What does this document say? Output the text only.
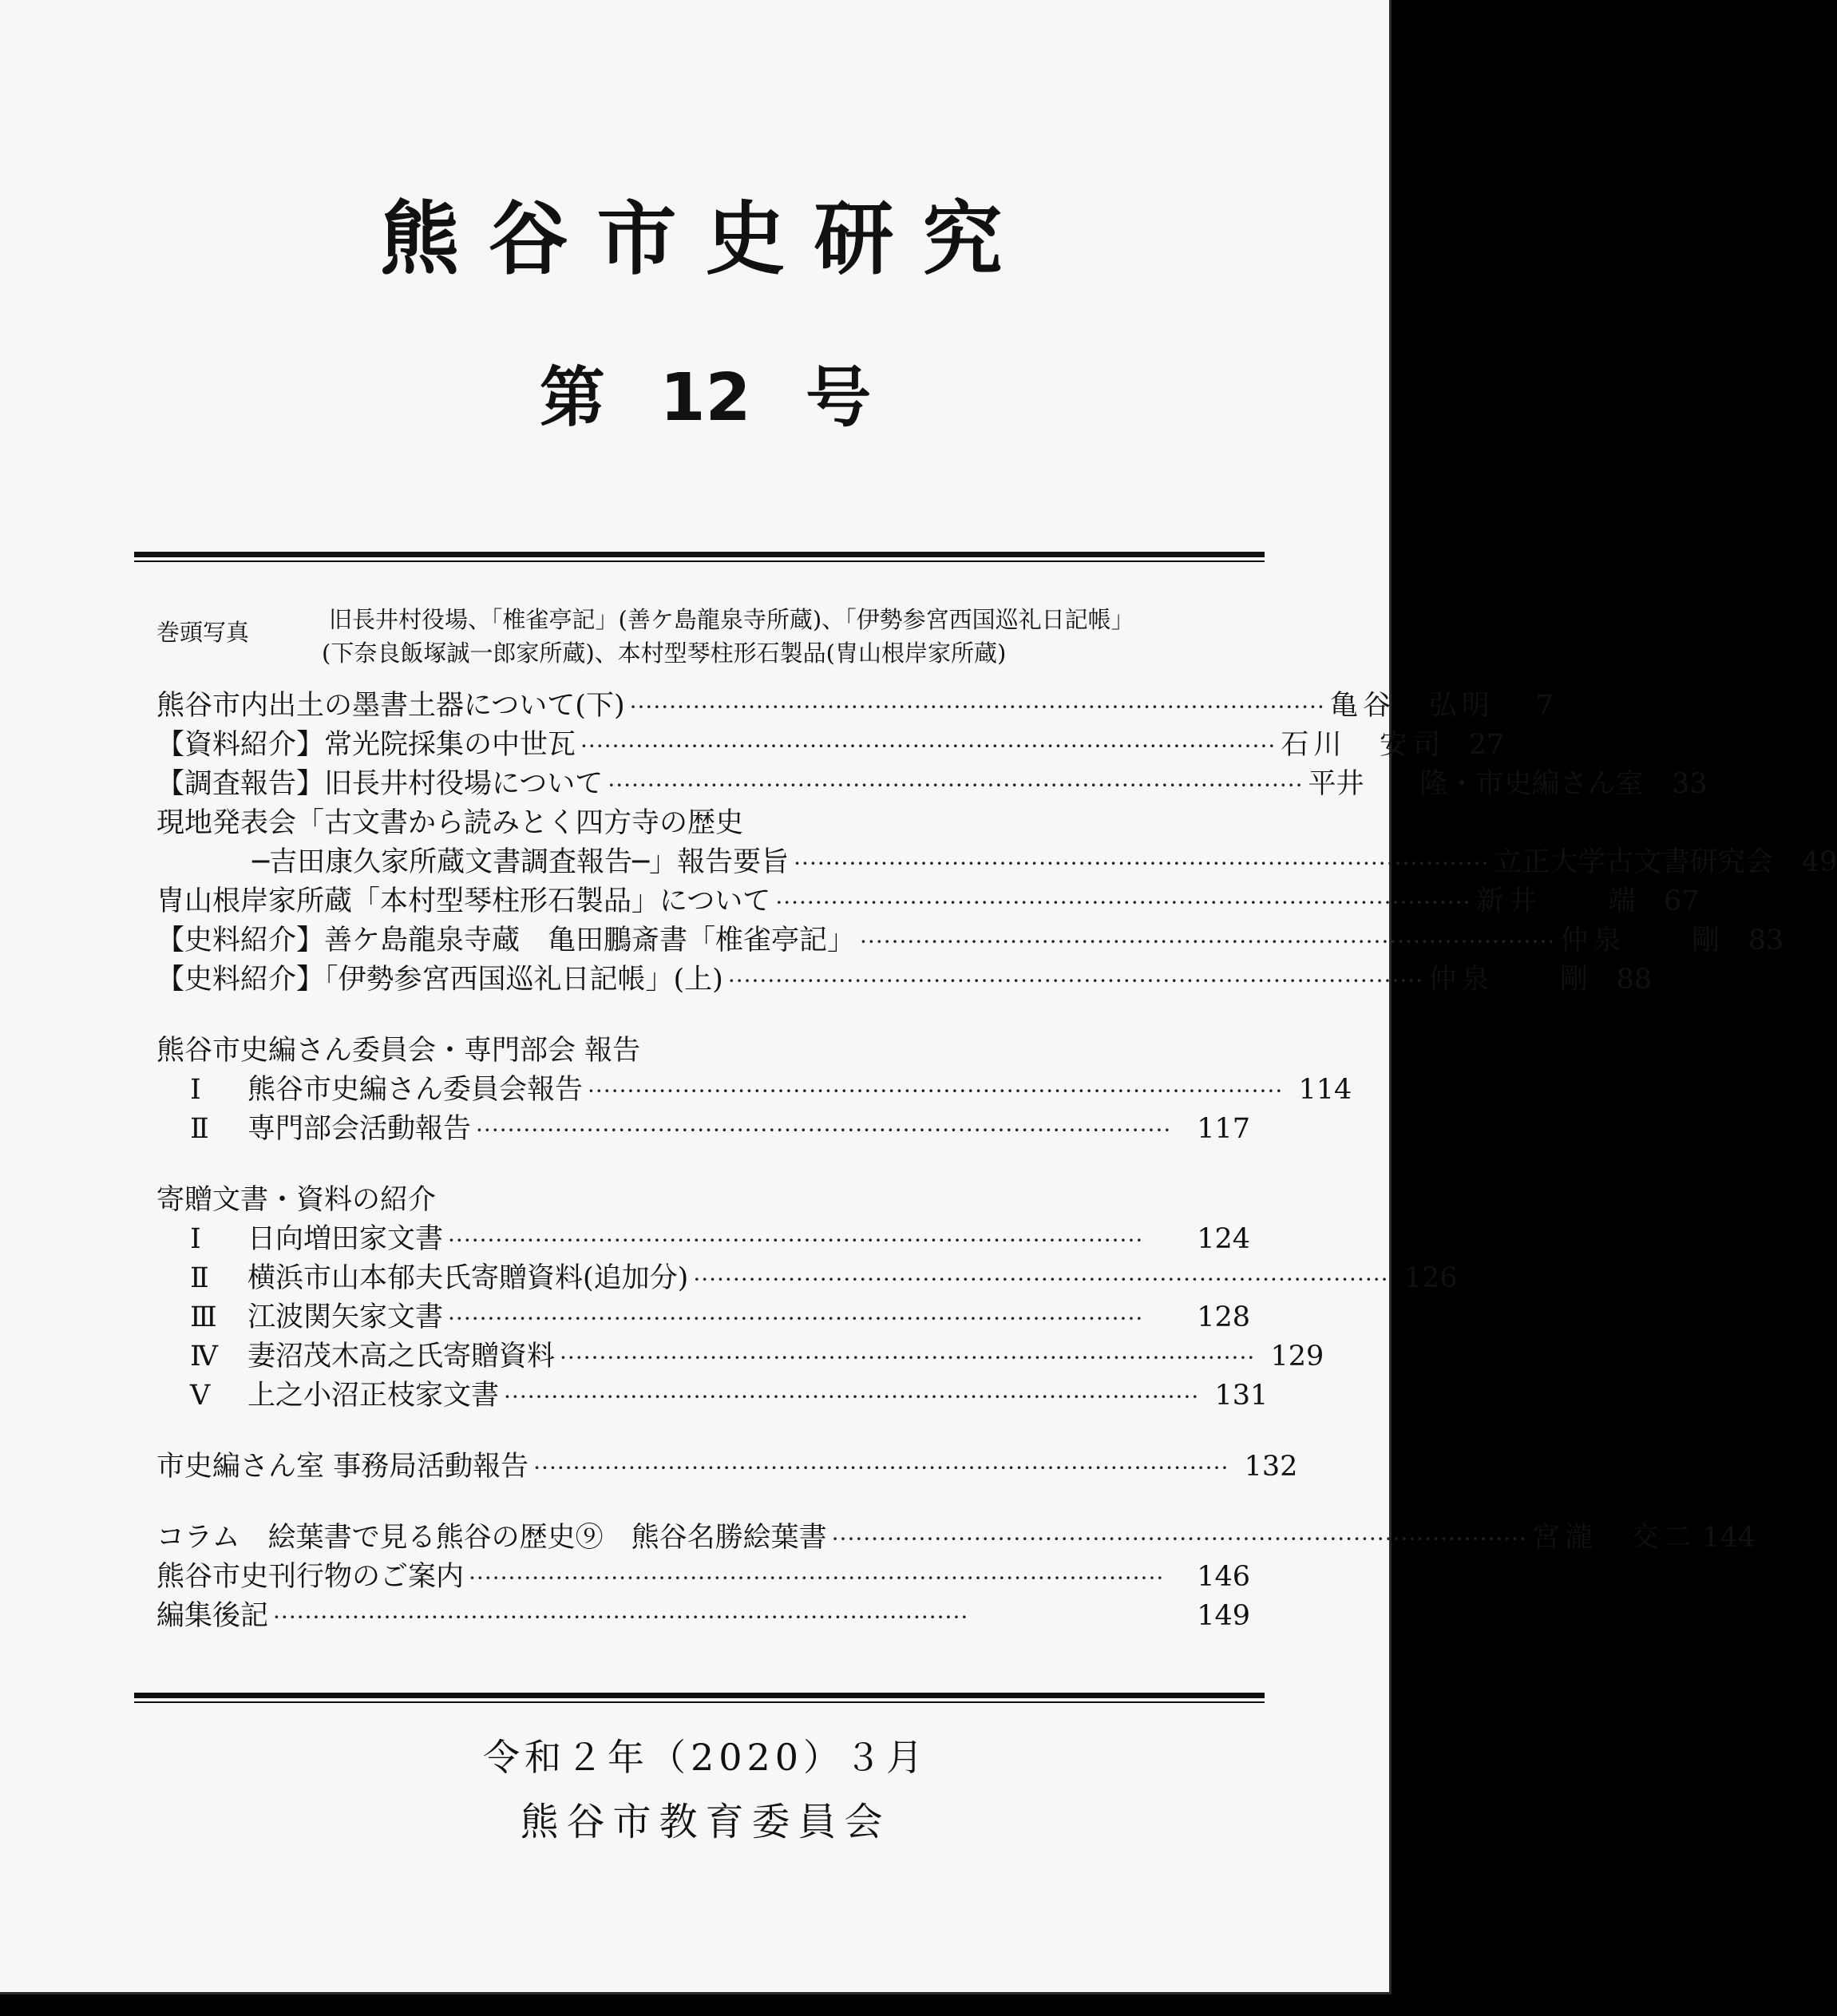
熊谷市史研究
第 12 号
巻頭写真	旧長井村役場、「椎雀亭記」(善ケ島龍泉寺所蔵)、「伊勢参宮西国巡礼日記帳」
(下奈良飯塚誠一郎家所蔵)、本村型琴柱形石製品(冑山根岸家所蔵)
熊谷市内出土の墨書土器について(下) ························································································ 亀谷　弘明	7
【資料紹介】常光院採集の中世瓦 ························································································ 石川　安司	27
【調査報告】旧長井村役場について ························································································ 平井　　隆・市史編さん室	33
現地発表会「古文書から読みとく四方寺の歴史
─吉田康久家所蔵文書調査報告─」報告要旨 ························································································ 立正大学古文書研究会	49
冑山根岸家所蔵「本村型琴柱形石製品」について ························································································ 新井　　端	67
【史料紹介】善ケ島龍泉寺蔵　亀田鵬斎書「椎雀亭記」 ························································································ 仲泉　　剛	83
【史料紹介】「伊勢参宮西国巡礼日記帳」(上) ························································································ 仲泉　　剛	88
熊谷市史編さん委員会・専門部会 報告
Ⅰ 熊谷市史編さん委員会報告 ························································································ 114
Ⅱ 専門部会活動報告 ························································································ 117
寄贈文書・資料の紹介
Ⅰ 日向増田家文書 ························································································	124
Ⅱ 横浜市山本郁夫氏寄贈資料(追加分) ························································································ 126
Ⅲ 江波関矢家文書 ························································································	128
Ⅳ 妻沼茂木高之氏寄贈資料 ························································································ 129
Ⅴ 上之小沼正枝家文書 ························································································ 131
市史編さん室 事務局活動報告 ························································································ 132
コラム　絵葉書で見る熊谷の歴史⑨　熊谷名勝絵葉書 ························································································ 宮瀧　交二 144
熊谷市史刊行物のご案内 ························································································	146
編集後記 ························································································	149
令和２年（2020）３月
熊谷市教育委員会
